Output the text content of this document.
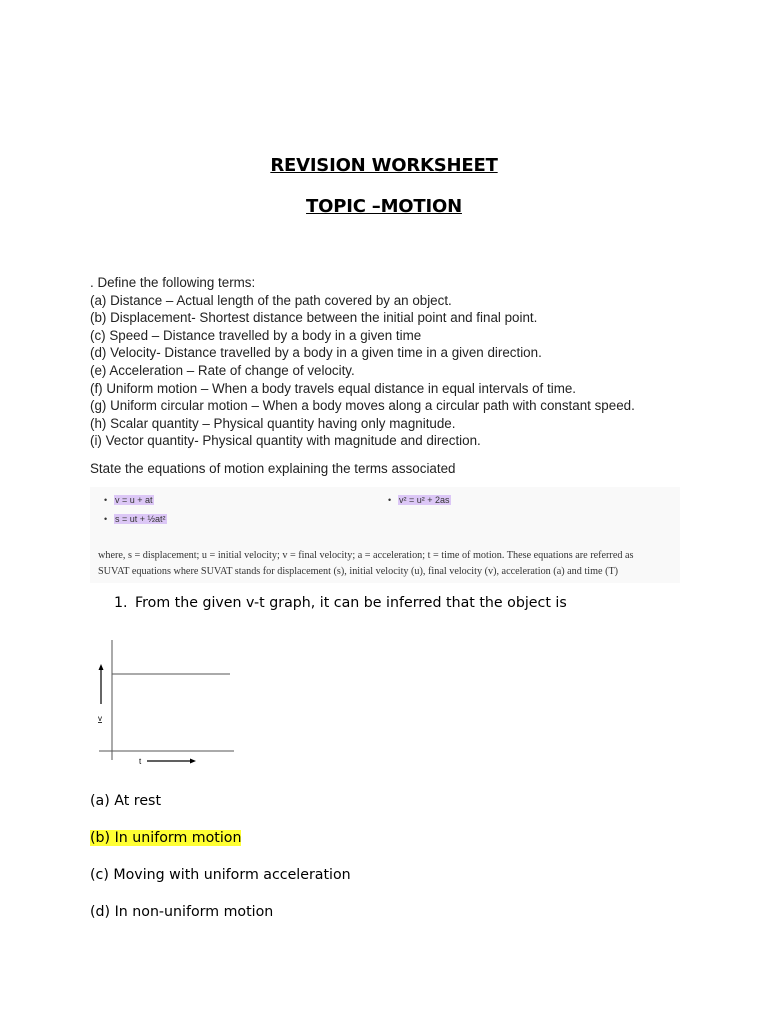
REVISION WORKSHEET
TOPIC –MOTION
. Define the following terms:
(a) Distance – Actual length of the path covered by an object.
(b) Displacement- Shortest distance between the initial point and final point.
(c) Speed – Distance travelled by a body in a given time
(d) Velocity- Distance travelled by a body in a given time in a given direction.
(e) Acceleration – Rate of change of velocity.
(f) Uniform motion – When a body travels equal distance in equal intervals of time.
(g) Uniform circular motion – When a body moves along a circular path with constant speed.
(h) Scalar quantity – Physical quantity having only magnitude.
(i) Vector quantity- Physical quantity with magnitude and direction.
State the equations of motion explaining the terms associated
• v = u + at
• s = ut + ½at²
• v² = u² + 2as
where, s = displacement; u = initial velocity; v = final velocity; a = acceleration; t = time of motion. These equations are referred as
SUVAT equations where SUVAT stands for displacement (s), initial velocity (u), final velocity (v), acceleration (a) and time (T)
1. From the given v-t graph, it can be inferred that the object is
v
t
(a) At rest
(b) In uniform motion
(c) Moving with uniform acceleration
(d) In non-uniform motion
